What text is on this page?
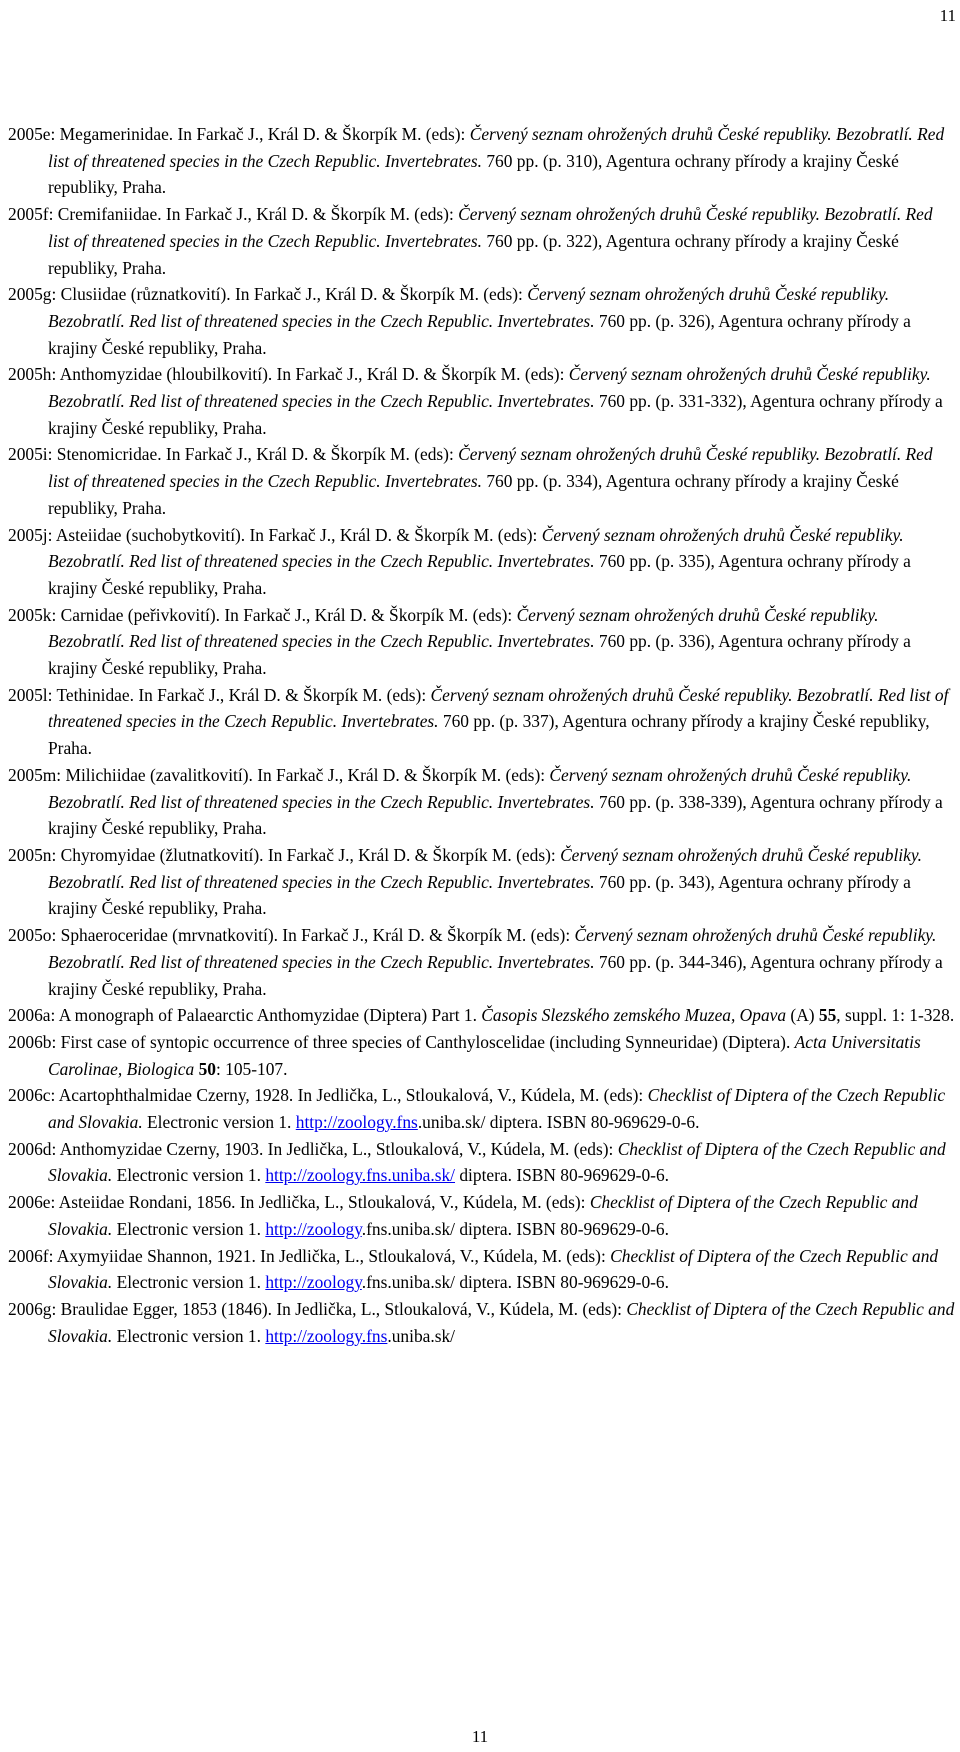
11
2005e: Megamerinidae. In Farkač J., Král D. & Škorpík M. (eds): Červený seznam ohrožených druhů České republiky. Bezobratlí. Red list of threatened species in the Czech Republic. Invertebrates. 760 pp. (p. 310), Agentura ochrany přírody a krajiny České republiky, Praha.
2005f: Cremifaniidae. In Farkač J., Král D. & Škorpík M. (eds): Červený seznam ohrožených druhů České republiky. Bezobratlí. Red list of threatened species in the Czech Republic. Invertebrates. 760 pp. (p. 322), Agentura ochrany přírody a krajiny České republiky, Praha.
2005g: Clusiidae (různatkovití). In Farkač J., Král D. & Škorpík M. (eds): Červený seznam ohrožených druhů České republiky. Bezobratlí. Red list of threatened species in the Czech Republic. Invertebrates. 760 pp. (p. 326), Agentura ochrany přírody a krajiny České republiky, Praha.
2005h: Anthomyzidae (hloubilkovití). In Farkač J., Král D. & Škorpík M. (eds): Červený seznam ohrožených druhů České republiky. Bezobratlí. Red list of threatened species in the Czech Republic. Invertebrates. 760 pp. (p. 331-332), Agentura ochrany přírody a krajiny České republiky, Praha.
2005i: Stenomicridae. In Farkač J., Král D. & Škorpík M. (eds): Červený seznam ohrožených druhů České republiky. Bezobratlí. Red list of threatened species in the Czech Republic. Invertebrates. 760 pp. (p. 334), Agentura ochrany přírody a krajiny České republiky, Praha.
2005j: Asteiidae (suchobytkovití). In Farkač J., Král D. & Škorpík M. (eds): Červený seznam ohrožených druhů České republiky. Bezobratlí. Red list of threatened species in the Czech Republic. Invertebrates. 760 pp. (p. 335), Agentura ochrany přírody a krajiny České republiky, Praha.
2005k: Carnidae (peřivkovití). In Farkač J., Král D. & Škorpík M. (eds): Červený seznam ohrožených druhů České republiky. Bezobratlí. Red list of threatened species in the Czech Republic. Invertebrates. 760 pp. (p. 336), Agentura ochrany přírody a krajiny České republiky, Praha.
2005l: Tethinidae. In Farkač J., Král D. & Škorpík M. (eds): Červený seznam ohrožených druhů České republiky. Bezobratlí. Red list of threatened species in the Czech Republic. Invertebrates. 760 pp. (p. 337), Agentura ochrany přírody a krajiny České republiky, Praha.
2005m: Milichiidae (zavalitkovití). In Farkač J., Král D. & Škorpík M. (eds): Červený seznam ohrožených druhů České republiky. Bezobratlí. Red list of threatened species in the Czech Republic. Invertebrates. 760 pp. (p. 338-339), Agentura ochrany přírody a krajiny České republiky, Praha.
2005n: Chyromyidae (žlutnatkovití). In Farkač J., Král D. & Škorpík M. (eds): Červený seznam ohrožených druhů České republiky. Bezobratlí. Red list of threatened species in the Czech Republic. Invertebrates. 760 pp. (p. 343), Agentura ochrany přírody a krajiny České republiky, Praha.
2005o: Sphaeroceridae (mrvnatkovití). In Farkač J., Král D. & Škorpík M. (eds): Červený seznam ohrožených druhů České republiky. Bezobratlí. Red list of threatened species in the Czech Republic. Invertebrates. 760 pp. (p. 344-346), Agentura ochrany přírody a krajiny České republiky, Praha.
2006a: A monograph of Palaearctic Anthomyzidae (Diptera) Part 1. Časopis Slezského zemského Muzea, Opava (A) 55, suppl. 1: 1-328.
2006b: First case of syntopic occurrence of three species of Canthyloscelidae (including Synneuridae) (Diptera). Acta Universitatis Carolinae, Biologica 50: 105-107.
2006c: Acartophthalmidae Czerny, 1928. In Jedlička, L., Stloukalová, V., Kúdela, M. (eds): Checklist of Diptera of the Czech Republic and Slovakia. Electronic version 1. http://zoology.fns.uniba.sk/ diptera. ISBN 80-969629-0-6.
2006d: Anthomyzidae Czerny, 1903. In Jedlička, L., Stloukalová, V., Kúdela, M. (eds): Checklist of Diptera of the Czech Republic and Slovakia. Electronic version 1. http://zoology.fns.uniba.sk/ diptera. ISBN 80-969629-0-6.
2006e: Asteiidae Rondani, 1856. In Jedlička, L., Stloukalová, V., Kúdela, M. (eds): Checklist of Diptera of the Czech Republic and Slovakia. Electronic version 1. http://zoology.fns.uniba.sk/ diptera. ISBN 80-969629-0-6.
2006f: Axymyiidae Shannon, 1921. In Jedlička, L., Stloukalová, V., Kúdela, M. (eds): Checklist of Diptera of the Czech Republic and Slovakia. Electronic version 1. http://zoology.fns.uniba.sk/ diptera. ISBN 80-969629-0-6.
2006g: Braulidae Egger, 1853 (1846). In Jedlička, L., Stloukalová, V., Kúdela, M. (eds): Checklist of Diptera of the Czech Republic and Slovakia. Electronic version 1. http://zoology.fns.uniba.sk/
11
